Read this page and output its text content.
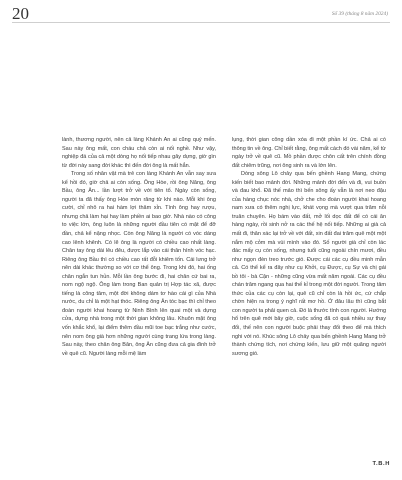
20	Số 39 (tháng 8 năm 2024)

lành, thương người, nên cả làng Khánh An ai cũng quý mến. Sau này ông mất, con cháu chả còn ai nối nghề. Như vậy, nghiệp đá của cả một dòng họ nối tiếp nhau gây dựng, giờ gìn từ đời này sang đời khác thì đến đời ông là mất hẳn.

Trong số nhân vật mà trẻ con làng Khánh An vẫn say sưa kể hồi đó, giờ chả ai còn sống. Ông Hòe, rồi ông Năng, ông Bầu, ông Ân... lần lượt trở về với tiên tổ. Ngày còn sống, người ta đã thấy ông Hòe mòn răng từ khi nào. Mỗi khi ông cười, chỉ nhô ra hai hàm lợi thâm xỉn. Tính ông hay rượu, nhưng chả làm hại hay làm phiền ai bao giờ. Nhà nào có công to việc lớn, ông luôn là những người đầu tiên có mặt để đỡ đần, chả kể nặng nhọc. Còn ông Năng là người có vóc dáng cao lênh khênh. Có lẽ ông là người có chiều cao nhất làng. Chân tay ông dài lêu đêu, được lắp vào cái thân hình vóc hạc. Riêng ông Bầu thì có chiều cao rất đỗi khiêm tốn. Cái lưng trở nên dài khác thường so với cơ thể ông. Trong khi đó, hai ống chân ngắn tun hủn. Mỗi lần ông bước đi, hai chân cứ bai ra, nom ngộ ngộ. Ông làm trong Ban quản trị Hợp tác xã, được tiếng là công tâm, một đời không dám tơ hào cái gì của Nhà nước, du chỉ là một hạt thóc. Riêng ông Ân tóc bạc thì chỉ theo đoàn người khai hoang từ Ninh Bình lên quai một và dựng cửa, dựng nhà trong một thời gian không lâu. Khuôn mặt ông vốn khắc khổ, lại điểm thêm đầu mũi toe bạc trắng như cước, nên nom ông già hơn những người cùng trang lứa trong làng. Sau này, theo chân ông Bân, ông Ân cũng đưa cả gia đình trở về quê cũ. Người làng mỗi mệ làm

lụng, thời gian công dần xóa đi một phần kí ức. Chả ai có thông tin về ông. Chỉ biết rằng, ông mất cách đó vài năm, kể từ ngày trở về quê cũ. Mồ phần được chôn cất trên chính đồng đất chiêm trũng, nơi ông sinh ra và lớn lên.

Dòng sông Lô chảy qua bến ghềnh Hang Mang, chứng kiến biết bao mảnh đời. Những mảnh đời đến và đi, vui buồn và đau khổ. Đã thế mảo thì bến sông ấy vẫn là nơi neo đậu của hàng chục nóc nhà, chở che cho đoàn người khai hoang nam xưa có thêm nghị lực, khát vọng mà vượt qua trăm nỗi truân chuyên. Họ bám vào đất, mở lối dọc đất để có cái ăn hàng ngày, rồi sinh nở ra các thế hệ nối tiếp. Những ai già cả mất đi, thân xác lại trở về với đất, xin đất đai trăm quê một một nắm mộ cỏm mà vùi mình vào đó. Số người già chỉ còn lác đác mấy cụ còn sống, nhưng tuổi cũng ngoài chín mươi, đều như ngọn đèn treo trước gió. Được cái các cụ đều minh mẫn cả. Có thể kể ra đây như cụ Khởi, cụ Được, cụ Sự và chị gái bồ tôi - bà Cận - những cũng vừa mất năm ngoái. Các cụ đều chán trăm ngang qua hai thế kỉ trong một đời người. Trong tâm thức của các cụ còn lại, quê cũ chỉ còn là hồi ức, cứ chắp chờn hiện ra trong ý nghĩ rất mơ hồ. Ở đâu lâu thì cũng bắt con người ta phải quen cả. Đó là thước tính con người. Hướng hổ trên quê mới bây giờ, cuộc sống đã có quá nhiều sự thay đổi, thế nên con người buộc phải thay đổi theo để mà thích nghi với nó. Khúc sông Lô chảy qua bến ghềnh Hang Mang trở thành chứng tích, nơi chứng kiến, lưu giữ một quãng người sương gió.

T.B.H
